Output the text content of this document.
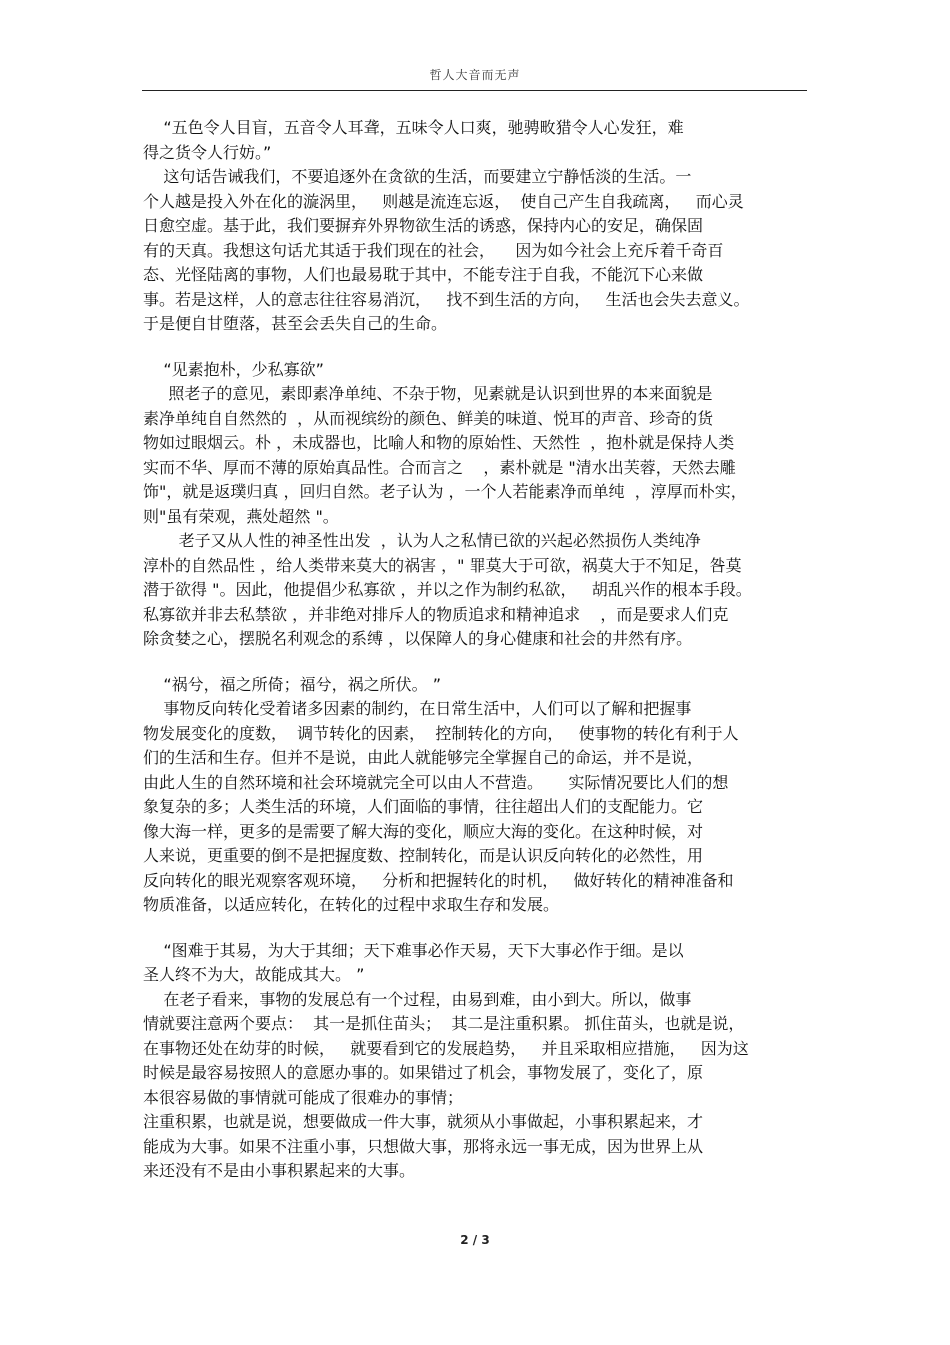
哲人大音而无声
“五色令人目盲，五音令人耳聋，五味令人口爽，驰骋畋猎令人心发狂，难
得之货令人行妨。”
这句话告诫我们，不要追逐外在贪欲的生活，而要建立宁静恬淡的生活。一
个人越是投入外在化的漩涡里，   则越是流连忘返，  使自己产生自我疏离，   而心灵
日愈空虚。基于此，我们要摒弃外界物欲生活的诱惑，保持内心的安足，确保固
有的天真。我想这句话尤其适于我们现在的社会，    因为如今社会上充斥着千奇百
态、光怪陆离的事物，人们也最易耽于其中，不能专注于自我，不能沉下心来做
事。若是这样，人的意志往往容易消沉，   找不到生活的方向，   生活也会失去意义。
于是便自甘堕落，甚至会丢失自己的生命。
“见素抱朴，少私寡欲”
照老子的意见，素即素净单纯、不杂于物，见素就是认识到世界的本来面貌是
素净单纯自自然然的  ，从而视缤纷的颜色、鲜美的味道、悦耳的声音、珍奇的货
物如过眼烟云。朴 ，未成器也，比喻人和物的原始性、天然性  ，抱朴就是保持人类
实而不华、厚而不薄的原始真品性。合而言之    ，素朴就是 "清水出芙蓉，天然去雕
饰"，就是返璞归真 ，回归自然。老子认为 ，一个人若能素净而单纯  ，淳厚而朴实，
则"虽有荣观，燕处超然 "。
老子又从人性的神圣性出发  ，认为人之私情已欲的兴起必然损伤人类纯净
淳朴的自然品性 ，给人类带来莫大的祸害 ，" 罪莫大于可欲，祸莫大于不知足，咎莫
潜于欲得 "。因此，他提倡少私寡欲 ，并以之作为制约私欲，   胡乱兴作的根本手段。
私寡欲并非去私禁欲 ，并非绝对排斥人的物质追求和精神追求    ，而是要求人们克
除贪婪之心，摆脱名利观念的系缚 ，以保障人的身心健康和社会的井然有序。
“祸兮，福之所倚；福兮，祸之所伏。 ”
事物反向转化受着诸多因素的制约，在日常生活中，人们可以了解和把握事
物发展变化的度数，  调节转化的因素，  控制转化的方向，   使事物的转化有利于人
们的生活和生存。但并不是说，由此人就能够完全掌握自己的命运，并不是说，
由此人生的自然环境和社会环境就完全可以由人不营造。     实际情况要比人们的想
象复杂的多；人类生活的环境，人们面临的事情，往往超出人们的支配能力。它
像大海一样，更多的是需要了解大海的变化，顺应大海的变化。在这种时候，对
人来说，更重要的倒不是把握度数、控制转化，而是认识反向转化的必然性，用
反向转化的眼光观察客观环境，   分析和把握转化的时机，   做好转化的精神准备和
物质准备，以适应转化，在转化的过程中求取生存和发展。
“图难于其易，为大于其细；天下难事必作天易，天下大事必作于细。是以
圣人终不为大，故能成其大。 ”
在老子看来，事物的发展总有一个过程，由易到难，由小到大。所以，做事
情就要注意两个要点：  其一是抓住苗头；  其二是注重积累。 抓住苗头，也就是说，
在事物还处在幼芽的时候，   就要看到它的发展趋势，   并且采取相应措施，   因为这
时候是最容易按照人的意愿办事的。如果错过了机会，事物发展了，变化了，原
本很容易做的事情就可能成了很难办的事情；
注重积累，也就是说，想要做成一件大事，就须从小事做起，小事积累起来，才
能成为大事。如果不注重小事，只想做大事，那将永远一事无成，因为世界上从
来还没有不是由小事积累起来的大事。
2 / 3
